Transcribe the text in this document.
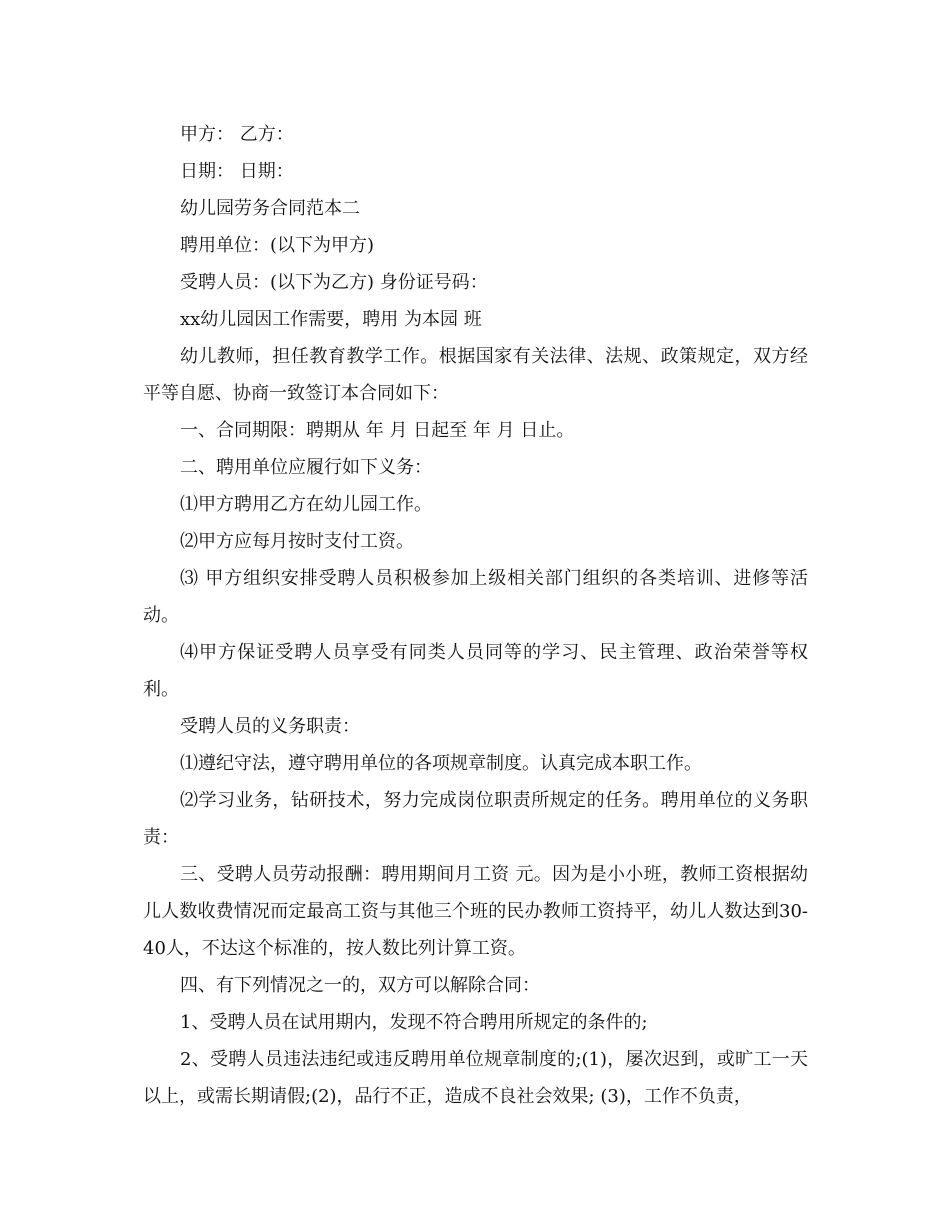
甲方： 乙方：

日期： 日期：

幼儿园劳务合同范本二

聘用单位：(以下为甲方)

受聘人员：(以下为乙方) 身份证号码：

xx幼儿园因工作需要，聘用 为本园 班

幼儿教师，担任教育教学工作。根据国家有关法律、法规、政策规定，双方经平等自愿、协商一致签订本合同如下：

一、合同期限：聘期从 年 月 日起至 年 月 日止。

二、聘用单位应履行如下义务：

⑴甲方聘用乙方在幼儿园工作。

⑵甲方应每月按时支付工资。

⑶ 甲方组织安排受聘人员积极参加上级相关部门组织的各类培训、进修等活动。

⑷甲方保证受聘人员享受有同类人员同等的学习、民主管理、政治荣誉等权利。

受聘人员的义务职责：

⑴遵纪守法，遵守聘用单位的各项规章制度。认真完成本职工作。

⑵学习业务，钻研技术，努力完成岗位职责所规定的任务。聘用单位的义务职责：

三、受聘人员劳动报酬：聘用期间月工资 元。因为是小小班，教师工资根据幼儿人数收费情况而定最高工资与其他三个班的民办教师工资持平，幼儿人数达到30-40人，不达这个标准的，按人数比列计算工资。

四、有下列情况之一的，双方可以解除合同：

1、受聘人员在试用期内，发现不符合聘用所规定的条件的;

2、受聘人员违法违纪或违反聘用单位规章制度的;(1)，屡次迟到，或旷工一天以上，或需长期请假;(2)，品行不正，造成不良社会效果; (3)，工作不负责，
